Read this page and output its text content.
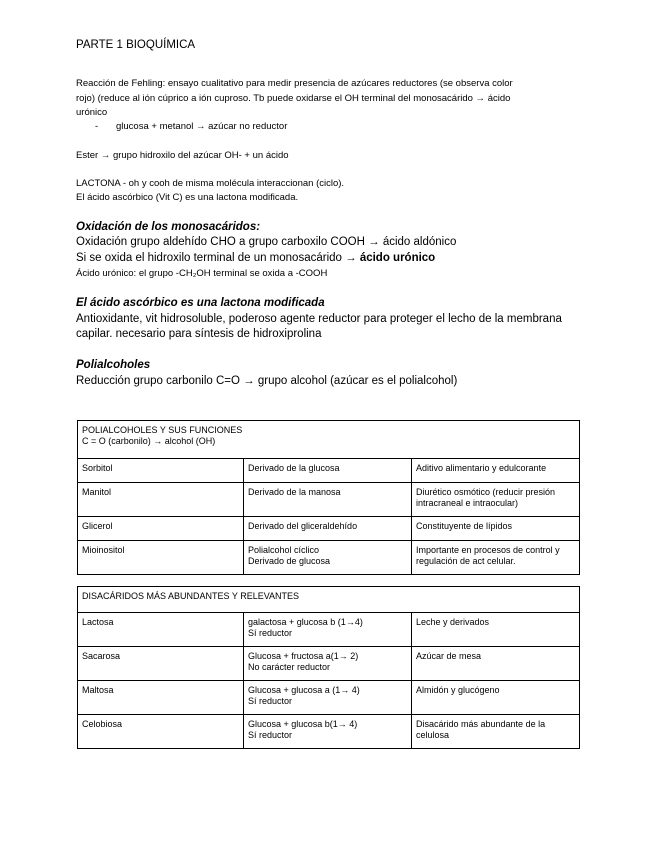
PARTE 1 BIOQUÍMICA
Reacción de Fehling: ensayo cualitativo para medir presencia de azúcares reductores (se observa color
rojo) (reduce al ión cúprico a ión cuproso. Tb puede oxidarse el OH terminal del monosacárido → ácido
urónico
- glucosa + metanol → azúcar no reductor
Ester → grupo hidroxilo del azúcar OH- + un ácido
LACTONA - oh y cooh de misma molécula interaccionan (ciclo).
El ácido ascórbico (Vit C) es una lactona modificada.
Oxidación de los monosacáridos:
Oxidación grupo aldehído CHO a grupo carboxilo COOH → ácido aldónico
Si se oxida el hidroxilo terminal de un monosacárido → ácido urónico
Ácido urónico: el grupo -CH₂OH terminal se oxida a -COOH
El ácido ascórbico es una lactona modificada
Antioxidante, vit hidrosoluble, poderoso agente reductor para proteger el lecho de la membrana
capilar. necesario para síntesis de hidroxiprolina
Polialcoholes
Reducción grupo carbonilo C=O → grupo alcohol (azúcar es el polialcohol)
POLIALCOHOLES Y SUS FUNCIONES
C = O (carbonilo) → alcohol (OH)		

Sorbitol	Derivado de la glucosa	Aditivo alimentario y edulcorante

Manitol	Derivado de la manosa	Diurético osmótico (reducir presión
intracraneal e intraocular)

Glicerol	Derivado del gliceraldehído	Constituyente de lípidos

Mioinositol	Polialcohol cíclico
Derivado de glucosa	Importante en procesos de control y
regulación de act celular.
DISACÁRIDOS MÁS ABUNDANTES Y RELEVANTES		
Lactosa	galactosa + glucosa b (1→4)
Sí reductor	Leche y derivados

Sacarosa	Glucosa + fructosa a(1→ 2)
No carácter reductor	Azúcar de mesa

Maltosa	Glucosa + glucosa a (1→ 4)
Sí reductor	Almidón y glucógeno

Celobiosa	Glucosa + glucosa b(1→ 4)
Sí reductor	Disacárido más abundante de la
celulosa
